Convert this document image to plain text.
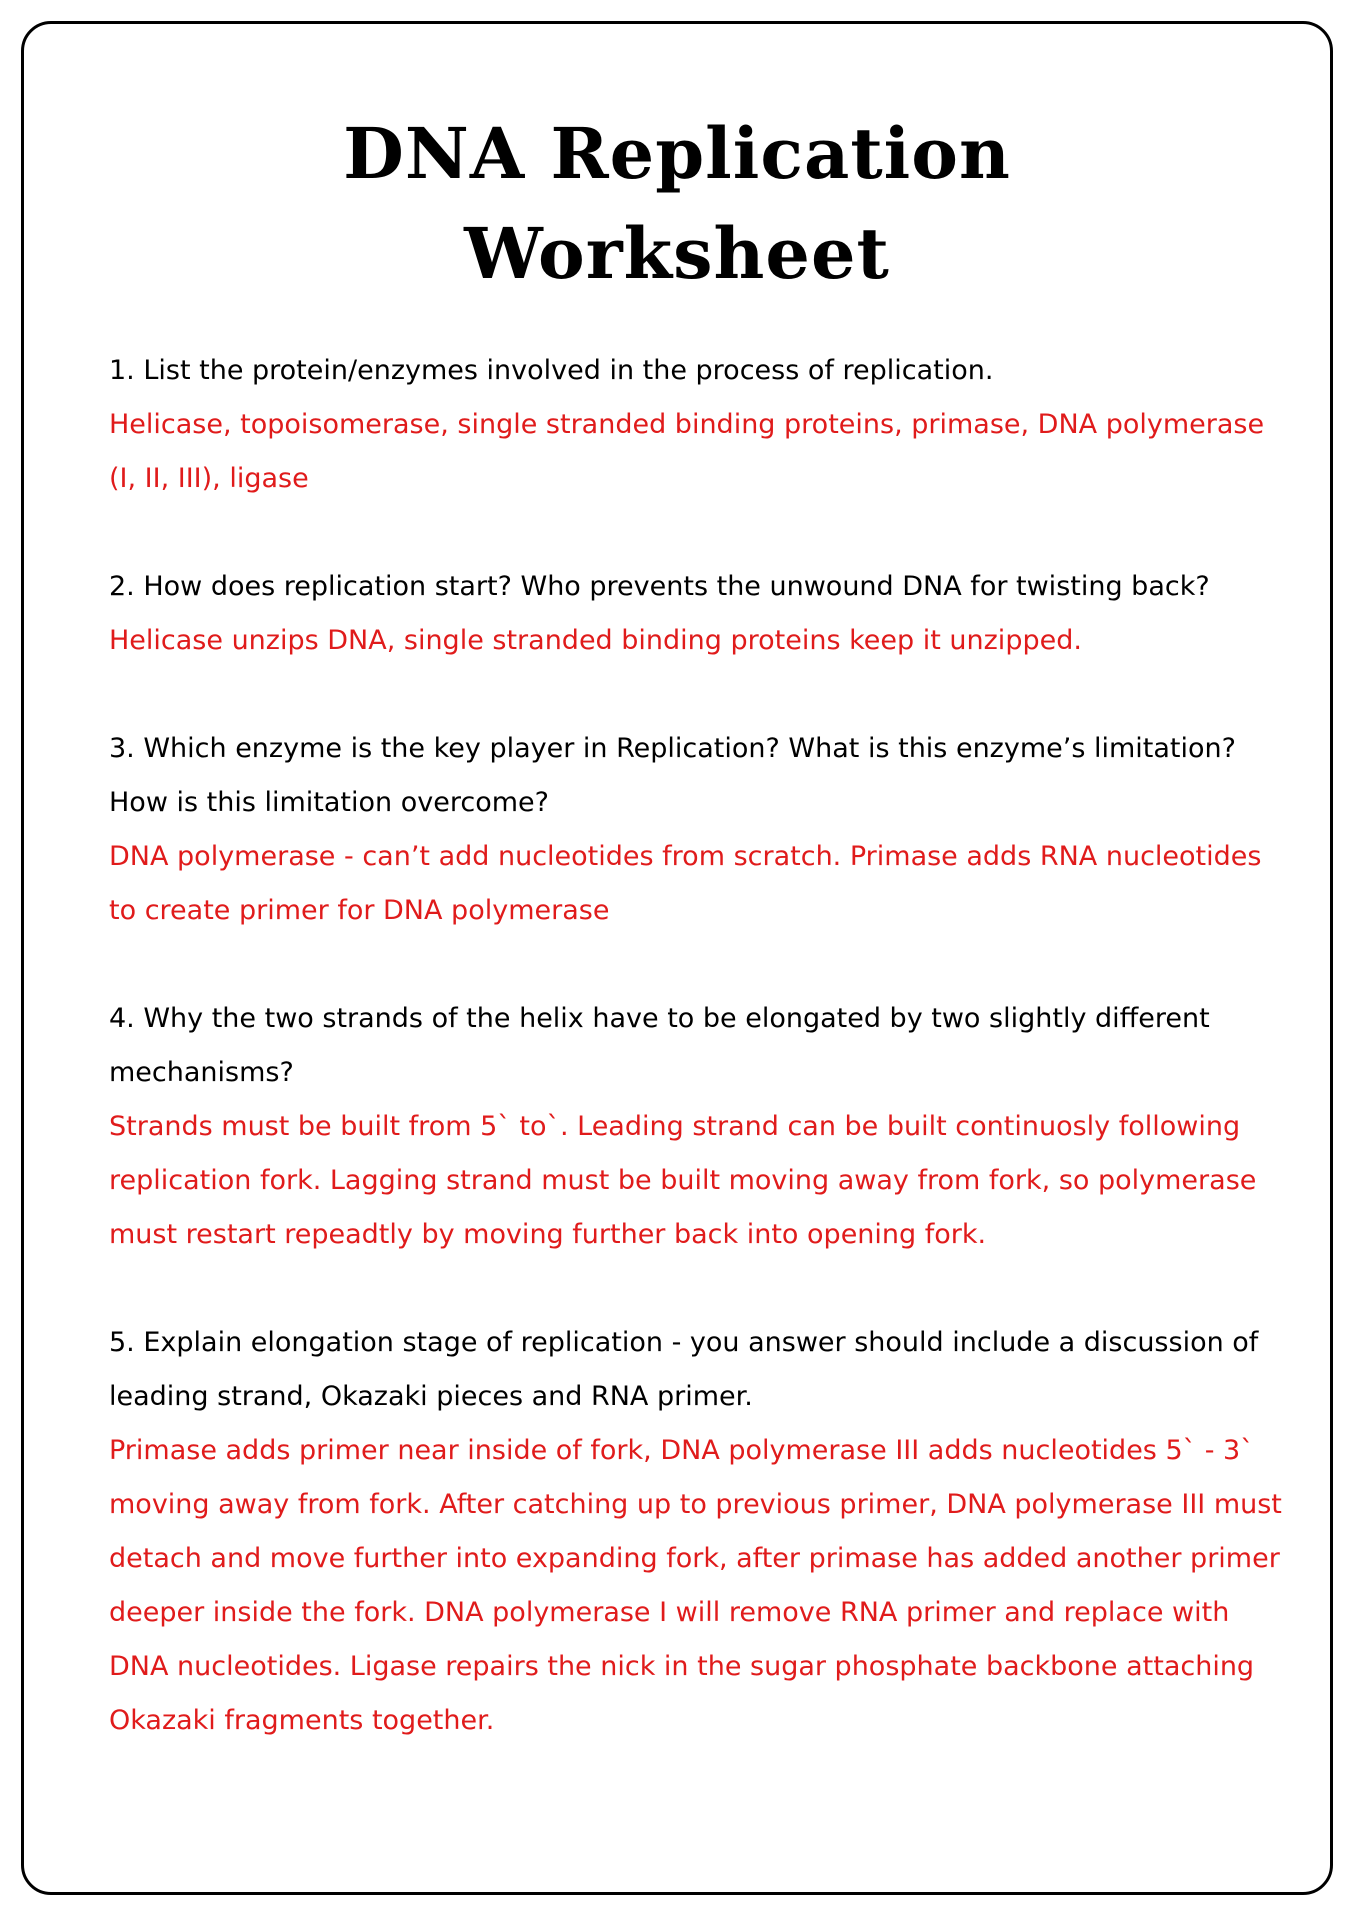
DNA Replication
Worksheet

1. List the protein/enzymes involved in the process of replication.

Helicase, topoisomerase, single stranded binding proteins, primase, DNA polymerase (I, II, III), ligase

2. How does replication start? Who prevents the unwound DNA for twisting back?

Helicase unzips DNA, single stranded binding proteins keep it unzipped.

3. Which enzyme is the key player in Replication? What is this enzyme’s limitation? How is this limitation overcome?

DNA polymerase - can’t add nucleotides from scratch. Primase adds RNA nucleotides to create primer for DNA polymerase

4. Why the two strands of the helix have to be elongated by two slightly different mechanisms?

Strands must be built from 5` to`. Leading strand can be built continuosly following replication fork. Lagging strand must be built moving away from fork, so polymerase must restart repeadtly by moving further back into opening fork.

5. Explain elongation stage of replication - you answer should include a discussion of leading strand, Okazaki pieces and RNA primer.

Primase adds primer near inside of fork, DNA polymerase III adds nucleotides 5` - 3` moving away from fork. After catching up to previous primer, DNA polymerase III must detach and move further into expanding fork, after primase has added another primer deeper inside the fork. DNA polymerase I will remove RNA primer and replace with DNA nucleotides. Ligase repairs the nick in the sugar phosphate backbone attaching Okazaki fragments together.
